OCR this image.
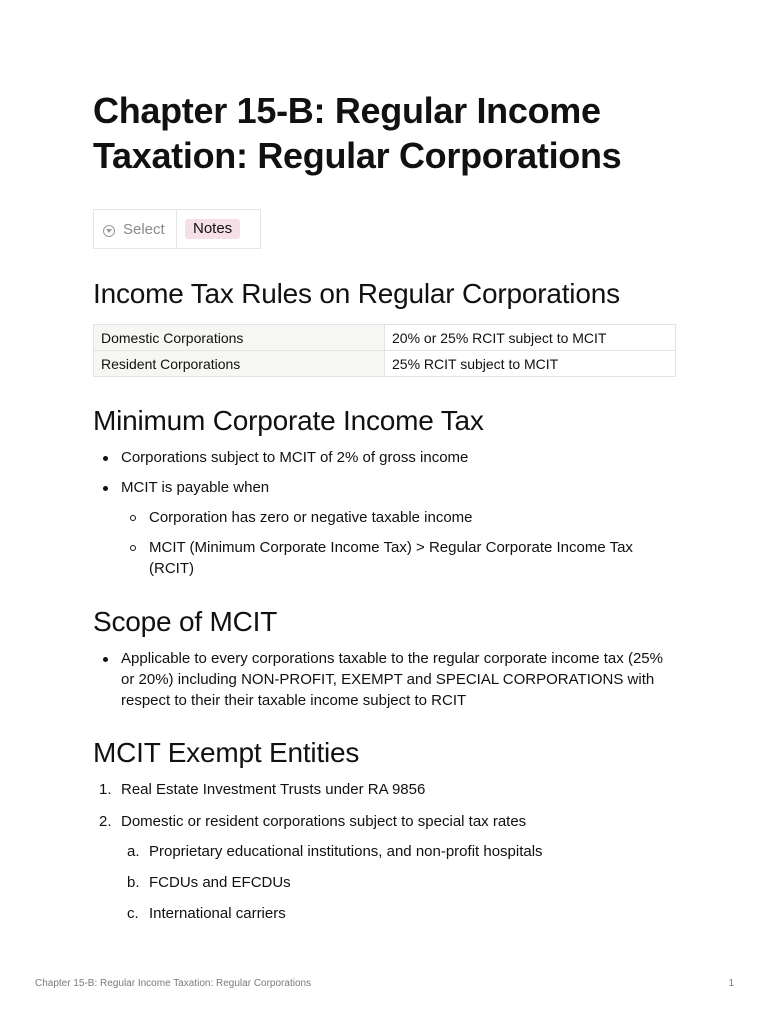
Chapter 15-B: Regular Income Taxation: Regular Corporations
Select	Notes
Income Tax Rules on Regular Corporations
Domestic Corporations	20% or 25% RCIT subject to MCIT
Resident Corporations	25% RCIT subject to MCIT
Minimum Corporate Income Tax
Corporations subject to MCIT of 2% of gross income
MCIT is payable when
Corporation has zero or negative taxable income
MCIT (Minimum Corporate Income Tax) > Regular Corporate Income Tax (RCIT)
Scope of MCIT
Applicable to every corporations taxable to the regular corporate income tax (25% or 20%) including NON-PROFIT, EXEMPT and SPECIAL CORPORATIONS with respect to their their taxable income subject to RCIT
MCIT Exempt Entities
1. Real Estate Investment Trusts under RA 9856
2. Domestic or resident corporations subject to special tax rates
a. Proprietary educational institutions, and non-profit hospitals
b. FCDUs and EFCDUs
c. International carriers
Chapter 15-B: Regular Income Taxation: Regular Corporations	1
